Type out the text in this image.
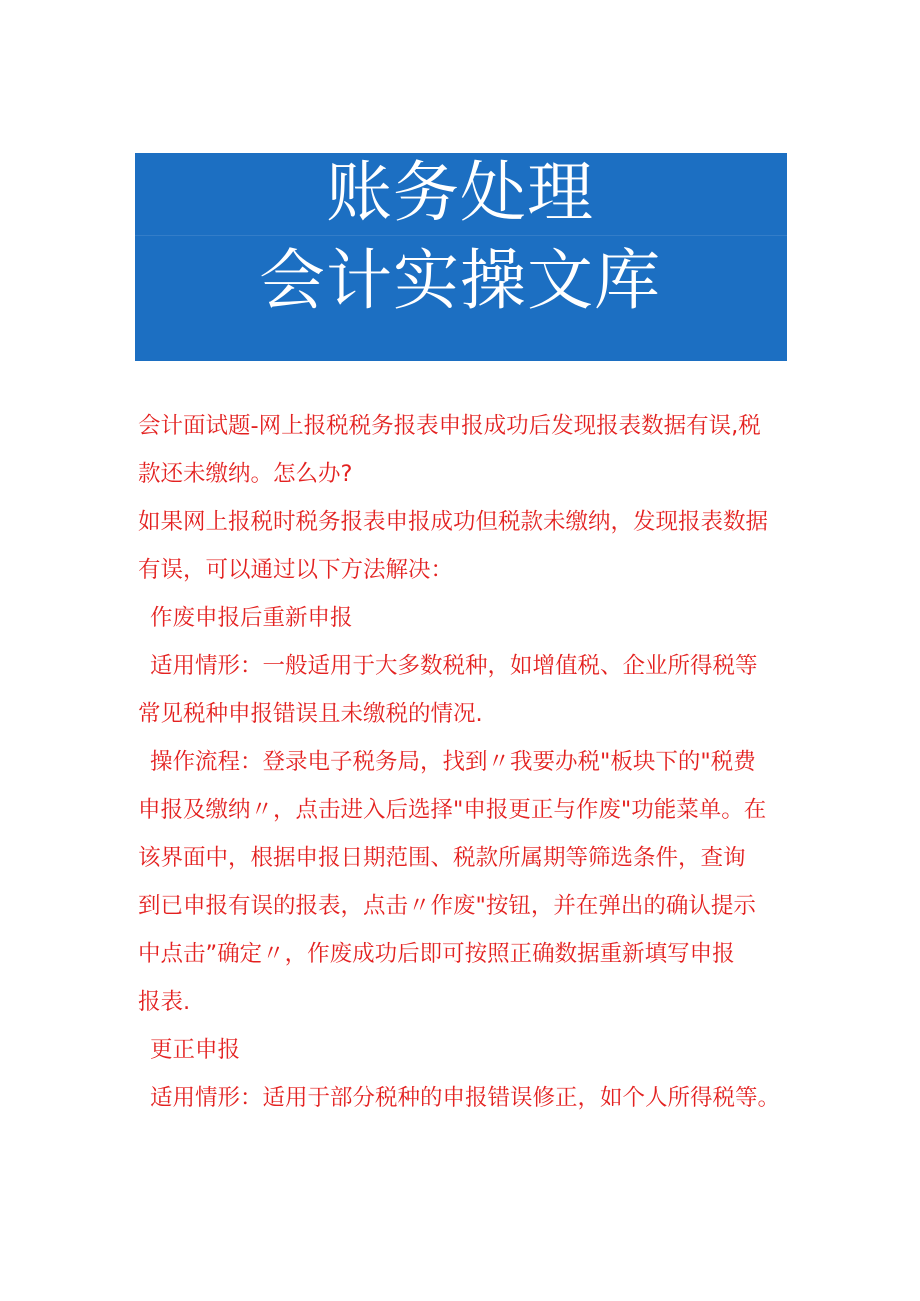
账务处理
会计实操文库

会计面试题-网上报税税务报表申报成功后发现报表数据有误,税

款还未缴纳。怎么办?

如果网上报税时税务报表申报成功但税款未缴纳，发现报表数据

有误，可以通过以下方法解决：

作废申报后重新申报

适用情形：一般适用于大多数税种，如增值税、企业所得税等

常见税种申报错误且未缴税的情况.

操作流程：登录电子税务局，找到〃我要办税"板块下的"税费

申报及缴纳〃，点击进入后选择"申报更正与作废"功能菜单。在

该界面中，根据申报日期范围、税款所属期等筛选条件，查询

到已申报有误的报表，点击〃作废"按钮，并在弹出的确认提示

中点击”确定〃，作废成功后即可按照正确数据重新填写申报

报表.

更正申报

适用情形：适用于部分税种的申报错误修正，如个人所得税等。
